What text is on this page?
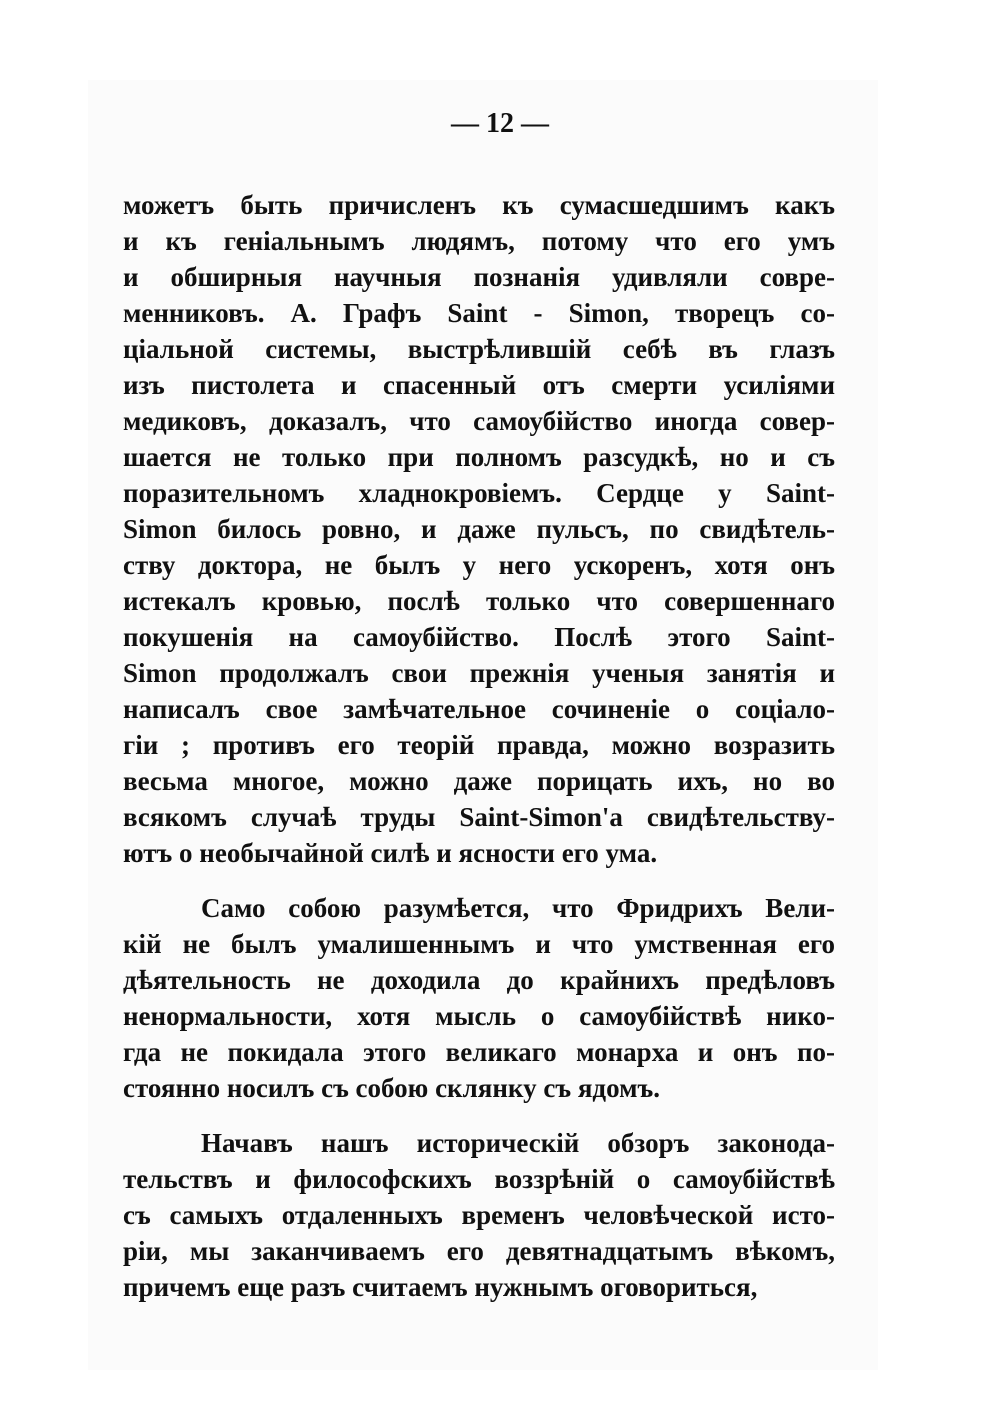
— 12 —
можетъ быть причисленъ къ сумасшедшимъ какъ
и къ геніальнымъ людямъ, потому что его умъ
и обширныя научныя познанія удивляли совре-
менниковъ. А. Графъ Saint - Simon, творецъ со-
ціальной системы, выстрѣлившій себѣ въ глазъ
изъ пистолета и спасенный отъ смерти усиліями
медиковъ, доказалъ, что самоубійство иногда совер-
шается не только при полномъ разсудкѣ, но и съ
поразительномъ хладнокровіемъ. Сердце у Saint-
Simon билось ровно, и даже пульсъ, по свидѣтель-
ству доктора, не былъ у него ускоренъ, хотя онъ
истекалъ кровью, послѣ только что совершеннаго
покушенія на самоубійство. Послѣ этого Saint-
Simon продолжалъ свои прежнія ученыя занятія и
написалъ свое замѣчательное сочиненіе о соціало-
гіи ; противъ его теорій правда, можно возразить
весьма многое, можно даже порицать ихъ, но во
всякомъ случаѣ труды Saint-Simon'а свидѣтельству-
ютъ о необычайной силѣ и ясности его ума.
Само собою разумѣется, что Фридрихъ Вели-
кій не былъ умалишеннымъ и что умственная его
дѣятельность не доходила до крайнихъ предѣловъ
ненормальности, хотя мысль о самоубійствѣ нико-
гда не покидала этого великаго монарха и онъ по-
стоянно носилъ съ собою склянку съ ядомъ.
Начавъ нашъ историческій обзоръ законода-
тельствъ и философскихъ воззрѣній о самоубійствѣ
съ самыхъ отдаленныхъ временъ человѣческой исто-
ріи, мы заканчиваемъ его девятнадцатымъ вѣкомъ,
причемъ еще разъ считаемъ нужнымъ оговориться,
